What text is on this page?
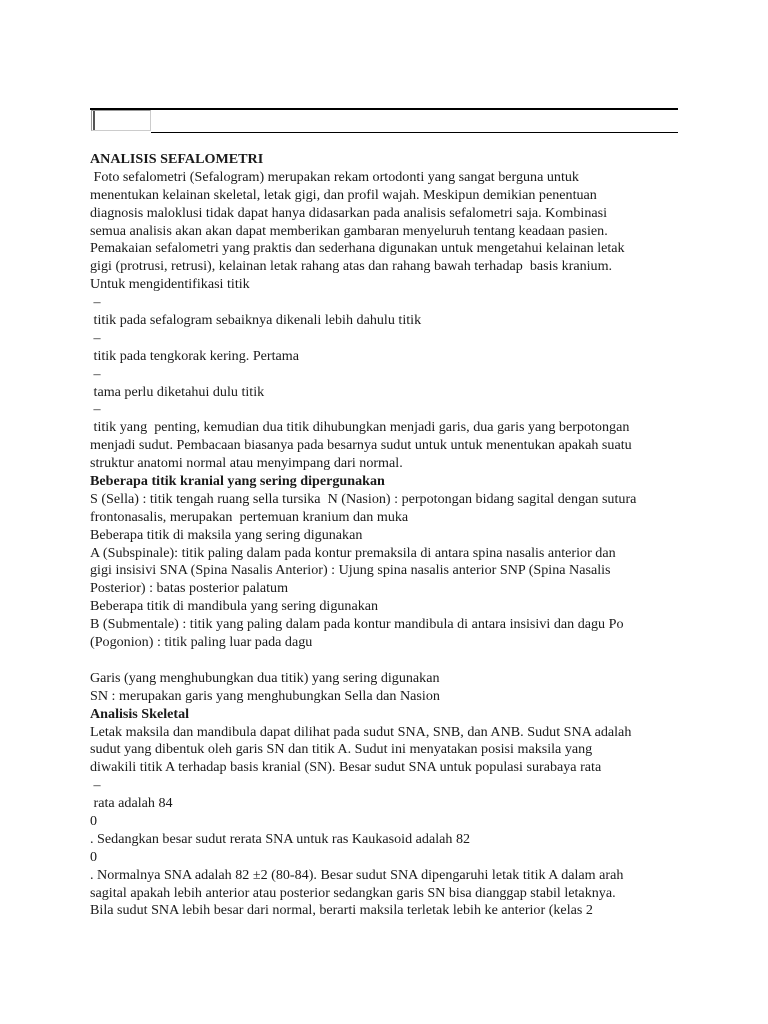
ANALISIS SEFALOMETRI
Foto sefalometri (Sefalogram) merupakan rekam ortodonti yang sangat berguna untuk
menentukan kelainan skeletal, letak gigi, dan profil wajah. Meskipun demikian penentuan
diagnosis maloklusi tidak dapat hanya didasarkan pada analisis sefalometri saja. Kombinasi
semua analisis akan akan dapat memberikan gambaran menyeluruh tentang keadaan pasien.
Pemakaian sefalometri yang praktis dan sederhana digunakan untuk mengetahui kelainan letak
gigi (protrusi, retrusi), kelainan letak rahang atas dan rahang bawah terhadap  basis kranium.
Untuk mengidentifikasi titik
–
titik pada sefalogram sebaiknya dikenali lebih dahulu titik
–
titik pada tengkorak kering. Pertama
–
tama perlu diketahui dulu titik
–
titik yang  penting, kemudian dua titik dihubungkan menjadi garis, dua garis yang berpotongan
menjadi sudut. Pembacaan biasanya pada besarnya sudut untuk untuk menentukan apakah suatu
struktur anatomi normal atau menyimpang dari normal.
Beberapa titik kranial yang sering dipergunakan
S (Sella) : titik tengah ruang sella tursika  N (Nasion) : perpotongan bidang sagital dengan sutura
frontonasalis, merupakan  pertemuan kranium dan muka
Beberapa titik di maksila yang sering digunakan
A (Subspinale): titik paling dalam pada kontur premaksila di antara spina nasalis anterior dan
gigi insisivi SNA (Spina Nasalis Anterior) : Ujung spina nasalis anterior SNP (Spina Nasalis
Posterior) : batas posterior palatum
Beberapa titik di mandibula yang sering digunakan
B (Submentale) : titik yang paling dalam pada kontur mandibula di antara insisivi dan dagu Po
(Pogonion) : titik paling luar pada dagu
Garis (yang menghubungkan dua titik) yang sering digunakan
SN : merupakan garis yang menghubungkan Sella dan Nasion
Analisis Skeletal
Letak maksila dan mandibula dapat dilihat pada sudut SNA, SNB, dan ANB. Sudut SNA adalah
sudut yang dibentuk oleh garis SN dan titik A. Sudut ini menyatakan posisi maksila yang
diwakili titik A terhadap basis kranial (SN). Besar sudut SNA untuk populasi surabaya rata
–
rata adalah 84
0
. Sedangkan besar sudut rerata SNA untuk ras Kaukasoid adalah 82
0
. Normalnya SNA adalah 82 ±2 (80-84). Besar sudut SNA dipengaruhi letak titik A dalam arah
sagital apakah lebih anterior atau posterior sedangkan garis SN bisa dianggap stabil letaknya.
Bila sudut SNA lebih besar dari normal, berarti maksila terletak lebih ke anterior (kelas 2
